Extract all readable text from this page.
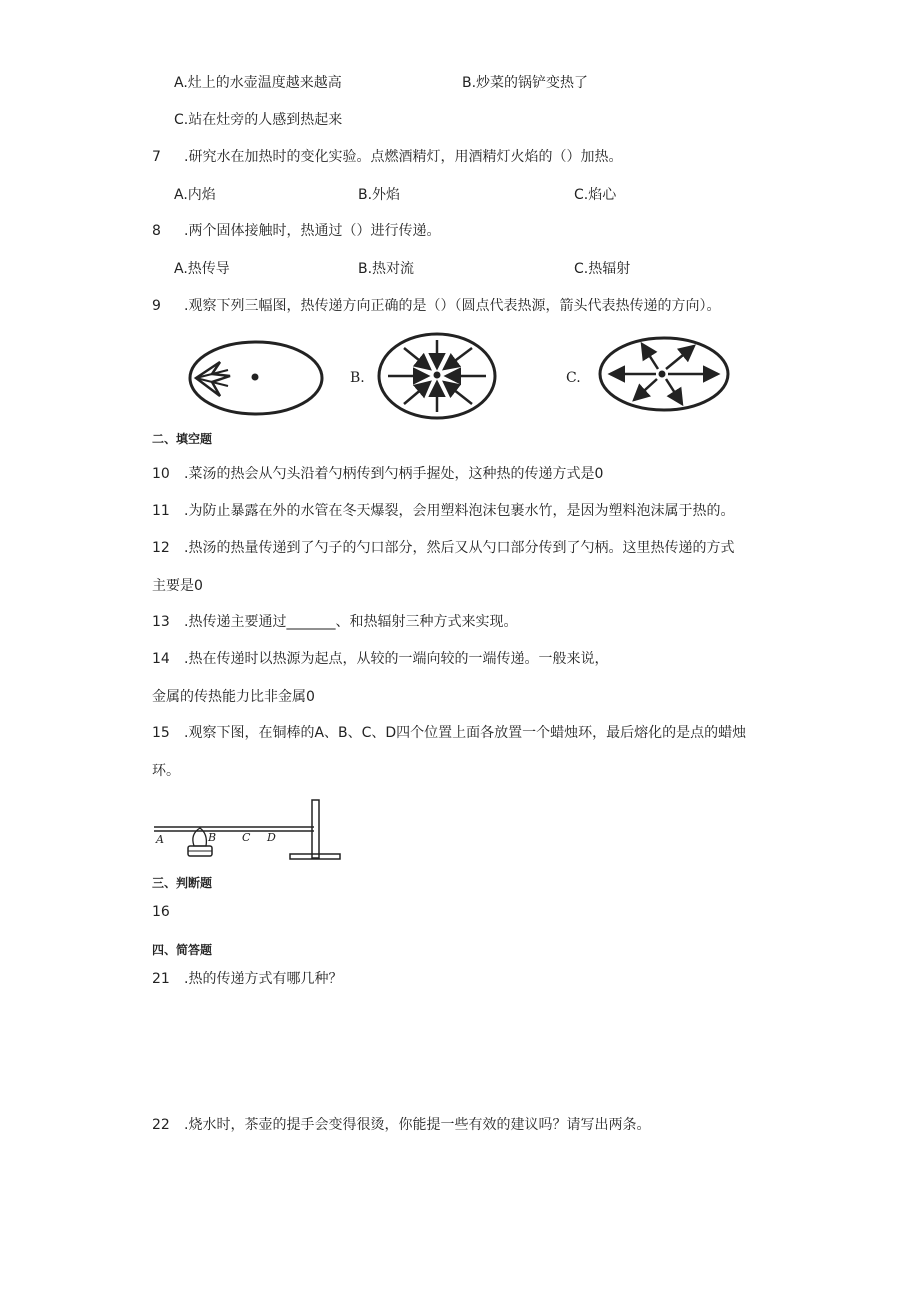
A.灶上的水壶温度越来越高	B.炒菜的锅铲变热了
C.站在灶旁的人感到热起来
7 .研究水在加热时的变化实验。点燃酒精灯，用酒精灯火焰的（）加热。
A.内焰	B.外焰	C.焰心
8 .两个固体接触时，热通过（）进行传递。
A.热传导	B.热对流	C.热辐射
9 .观察下列三幅图，热传递方向正确的是（）（圆点代表热源，箭头代表热传递的方向）。
B.	C.
二、填空题
10 .菜汤的热会从勺头沿着勺柄传到勺柄手握处，这种热的传递方式是0
11 .为防止暴露在外的水管在冬天爆裂，会用塑料泡沫包裹水竹，是因为塑料泡沫属于热的。
12 .热汤的热量传递到了勺子的勺口部分，然后又从勺口部分传到了勺柄。这里热传递的方式
主要是0
13 .热传递主要通过_______、和热辐射三种方式来实现。
14 .热在传递时以热源为起点，从较的一端向较的一端传递。一般来说，
金属的传热能力比非金属0
15 .观察下图，在铜棒的A、B、C、D四个位置上面各放置一个蜡烛环，最后熔化的是点的蜡烛
环。
A	B C D
三、判断题
16
四、简答题
21 .热的传递方式有哪几种？
22 .烧水时，茶壶的提手会变得很烫，你能提一些有效的建议吗？请写出两条。
